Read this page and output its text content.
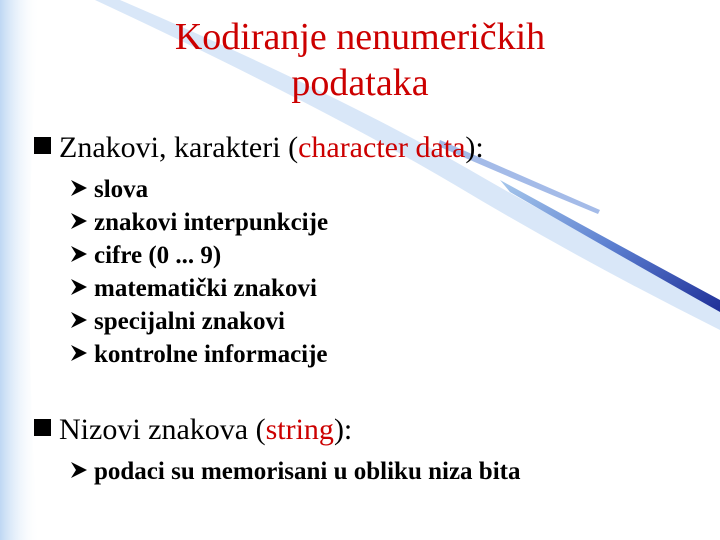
Kodiranje nenumeričkih
podataka
Znakovi, karakteri (character data):
slova
znakovi interpunkcije
cifre (0 ... 9)
matematički znakovi
specijalni znakovi
kontrolne informacije
Nizovi znakova (string):
podaci su memorisani u obliku niza bita
